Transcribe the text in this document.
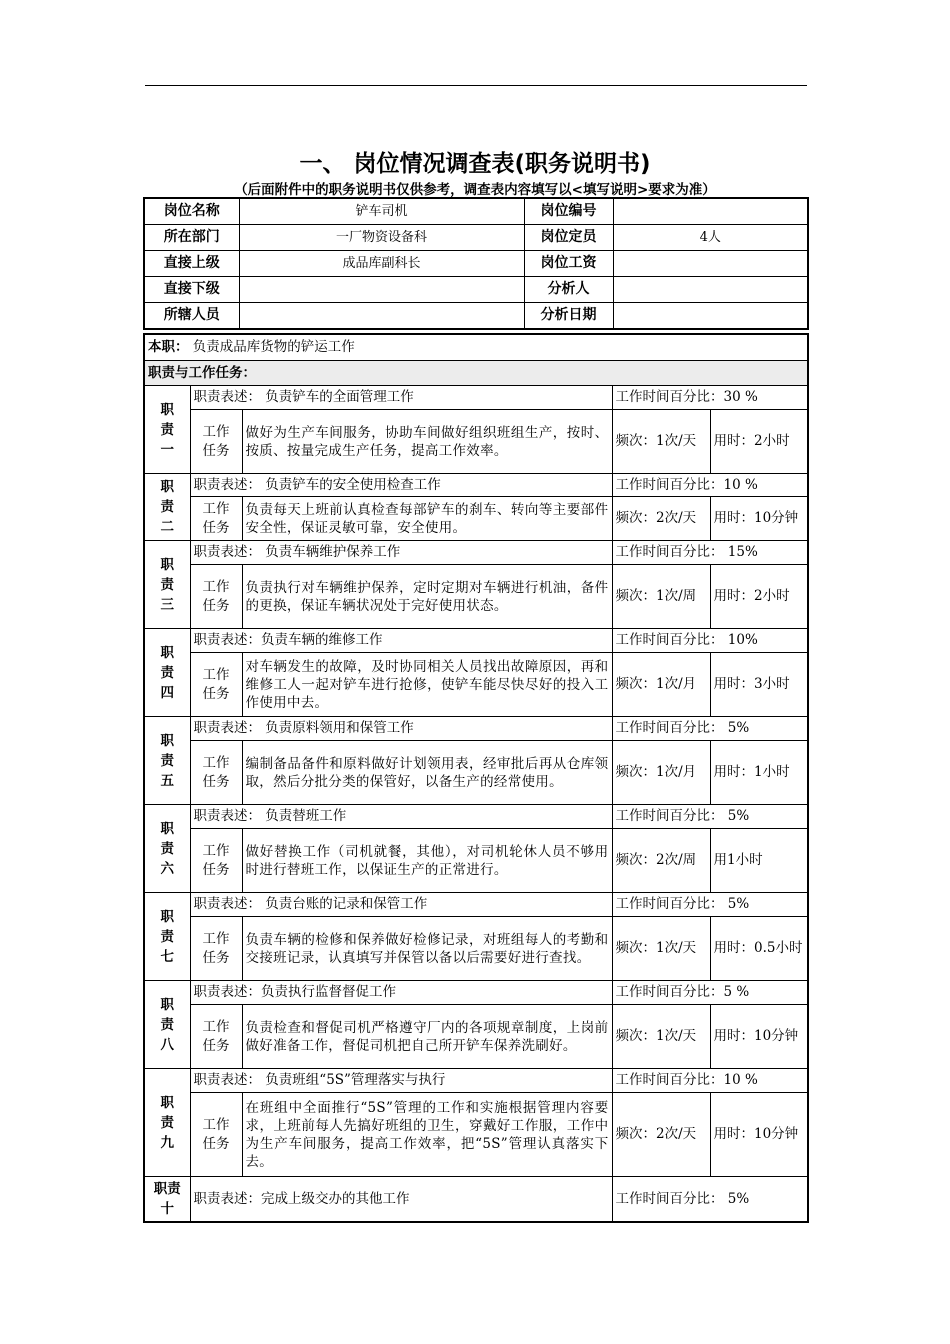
一、 岗位情况调查表(职务说明书)
（后面附件中的职务说明书仅供参考，调查表内容填写以<填写说明>要求为准）
岗位名称	铲车司机	岗位编号	
所在部门	一厂物资设备科	岗位定员	4人
直接上级	成品库副科长	岗位工资	
直接下级		分析人	
所辖人员		分析日期	
本职： 负责成品库货物的铲运工作				
职责与工作任务：				
职责一	职责表述： 负责铲车的全面管理工作		工作时间百分比：30 %	
	工作任务	做好为生产车间服务，协助车间做好组织班组生产，按时、按质、按量完成生产任务，提高工作效率。	频次：1次/天	用时：2小时
职责二	职责表述： 负责铲车的安全使用检查工作		工作时间百分比：10 %	
	工作任务	负责每天上班前认真检查每部铲车的刹车、转向等主要部件安全性，保证灵敏可靠，安全使用。	频次：2次/天	用时：10分钟
职责三	职责表述： 负责车辆维护保养工作		工作时间百分比： 15%	
	工作任务	负责执行对车辆维护保养，定时定期对车辆进行机油，备件的更换，保证车辆状况处于完好使用状态。	频次：1次/周	用时：2小时
职责四	职责表述：负责车辆的维修工作		工作时间百分比： 10%	
	工作任务	对车辆发生的故障，及时协同相关人员找出故障原因，再和维修工人一起对铲车进行抢修，使铲车能尽快尽好的投入工作使用中去。	频次：1次/月	用时：3小时
职责五	职责表述： 负责原料领用和保管工作		工作时间百分比： 5%	
	工作任务	编制备品备件和原料做好计划领用表，经审批后再从仓库领取，然后分批分类的保管好，以备生产的经常使用。	频次：1次/月	用时：1小时
职责六	职责表述： 负责替班工作		工作时间百分比： 5%	
	工作任务	做好替换工作（司机就餐，其他），对司机轮休人员不够用时进行替班工作，以保证生产的正常进行。	频次：2次/周	用1小时
职责七	职责表述： 负责台账的记录和保管工作		工作时间百分比： 5%	
	工作任务	负责车辆的检修和保养做好检修记录，对班组每人的考勤和交接班记录，认真填写并保管以备以后需要好进行查找。	频次：1次/天	用时：0.5小时
职责八	职责表述：负责执行监督督促工作		工作时间百分比：5 %	
	工作任务	负责检查和督促司机严格遵守厂内的各项规章制度，上岗前做好准备工作，督促司机把自己所开铲车保养洗刷好。	频次：1次/天	用时：10分钟
职责九	职责表述： 负责班组“5S”管理落实与执行		工作时间百分比：10 %	
	工作任务	在班组中全面推行“5S”管理的工作和实施根据管理内容要求，上班前每人先搞好班组的卫生，穿戴好工作服，工作中为生产车间服务，提高工作效率，把“5S”管理认真落实下去。	频次：2次/天	用时：10分钟
职责十	职责表述：完成上级交办的其他工作		工作时间百分比： 5%	
